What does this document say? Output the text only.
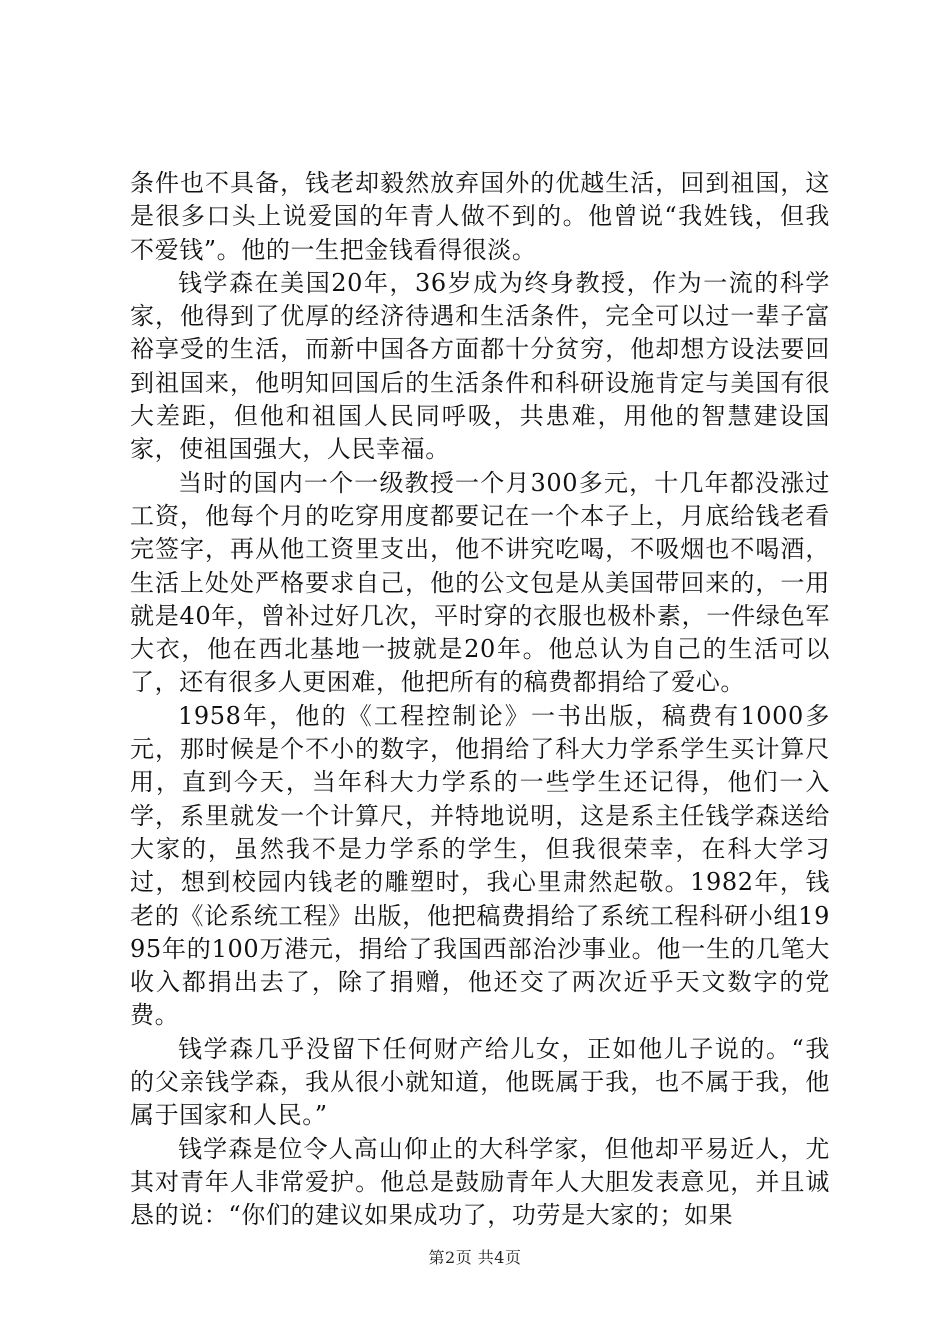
条件也不具备，钱老却毅然放弃国外的优越生活，回到祖国，这是很多口头上说爱国的年青人做不到的。他曾说“我姓钱，但我不爱钱”。他的一生把金钱看得很淡。

钱学森在美国20年，36岁成为终身教授，作为一流的科学家，他得到了优厚的经济待遇和生活条件，完全可以过一辈子富裕享受的生活，而新中国各方面都十分贫穷，他却想方设法要回到祖国来，他明知回国后的生活条件和科研设施肯定与美国有很大差距，但他和祖国人民同呼吸，共患难，用他的智慧建设国家，使祖国强大，人民幸福。

当时的国内一个一级教授一个月300多元，十几年都没涨过工资，他每个月的吃穿用度都要记在一个本子上，月底给钱老看完签字，再从他工资里支出，他不讲究吃喝，不吸烟也不喝酒，生活上处处严格要求自己，他的公文包是从美国带回来的，一用就是40年，曾补过好几次，平时穿的衣服也极朴素，一件绿色军大衣，他在西北基地一披就是20年。他总认为自己的生活可以了，还有很多人更困难，他把所有的稿费都捐给了爱心。

1958年，他的《工程控制论》一书出版，稿费有1000多元，那时候是个不小的数字，他捐给了科大力学系学生买计算尺用，直到今天，当年科大力学系的一些学生还记得，他们一入学，系里就发一个计算尺，并特地说明，这是系主任钱学森送给大家的，虽然我不是力学系的学生，但我很荣幸，在科大学习过，想到校园内钱老的雕塑时，我心里肃然起敬。1982年，钱老的《论系统工程》出版，他把稿费捐给了系统工程科研小组1995年的100万港元，捐给了我国西部治沙事业。他一生的几笔大收入都捐出去了，除了捐赠，他还交了两次近乎天文数字的党费。

钱学森几乎没留下任何财产给儿女，正如他儿子说的。“我的父亲钱学森，我从很小就知道，他既属于我，也不属于我，他属于国家和人民。”

钱学森是位令人高山仰止的大科学家，但他却平易近人，尤其对青年人非常爱护。他总是鼓励青年人大胆发表意见，并且诚恳的说：“你们的建议如果成功了，功劳是大家的；如果

第2页 共4页
